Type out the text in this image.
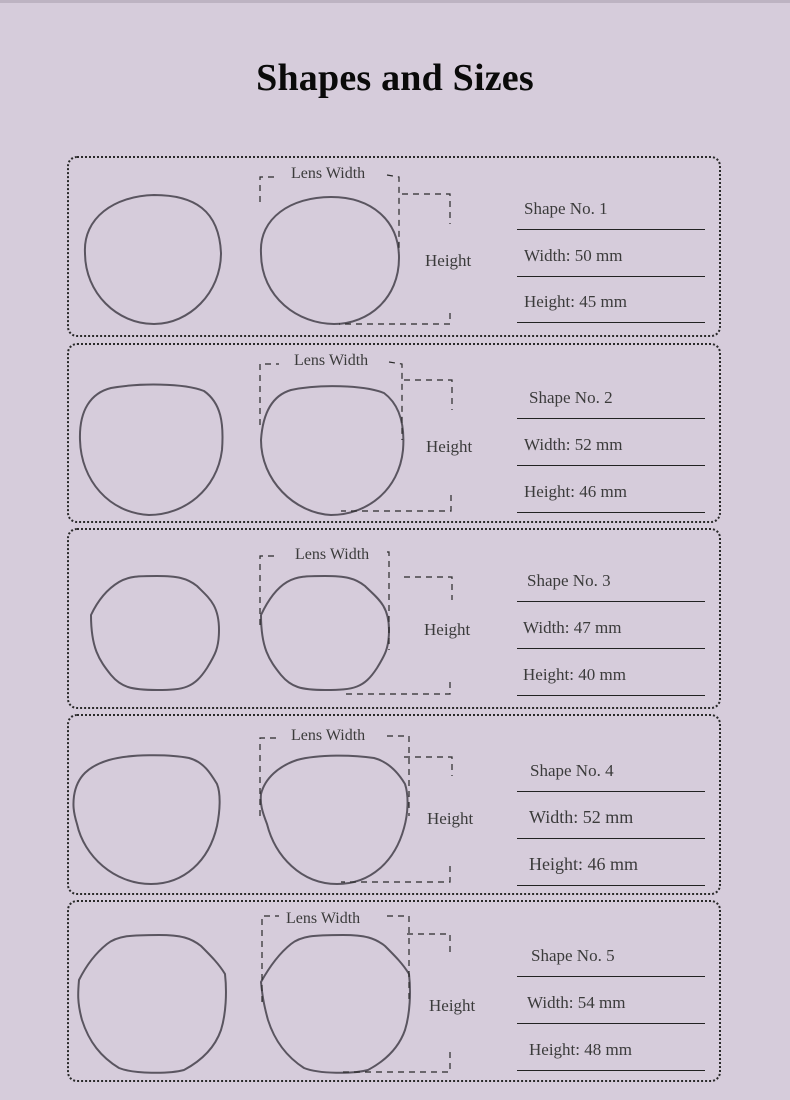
Shapes and Sizes
Lens Width
Height
Shape No. 1
Width: 50 mm
Height: 45 mm
Lens Width
Height
Shape No. 2
Width: 52 mm
Height: 46 mm
Lens Width
Height
Shape No. 3
Width: 47 mm
Height: 40 mm
Lens Width
Height
Shape No. 4
Width: 52 mm
Height: 46 mm
Lens Width
Height
Shape No. 5
Width: 54 mm
Height: 48 mm
